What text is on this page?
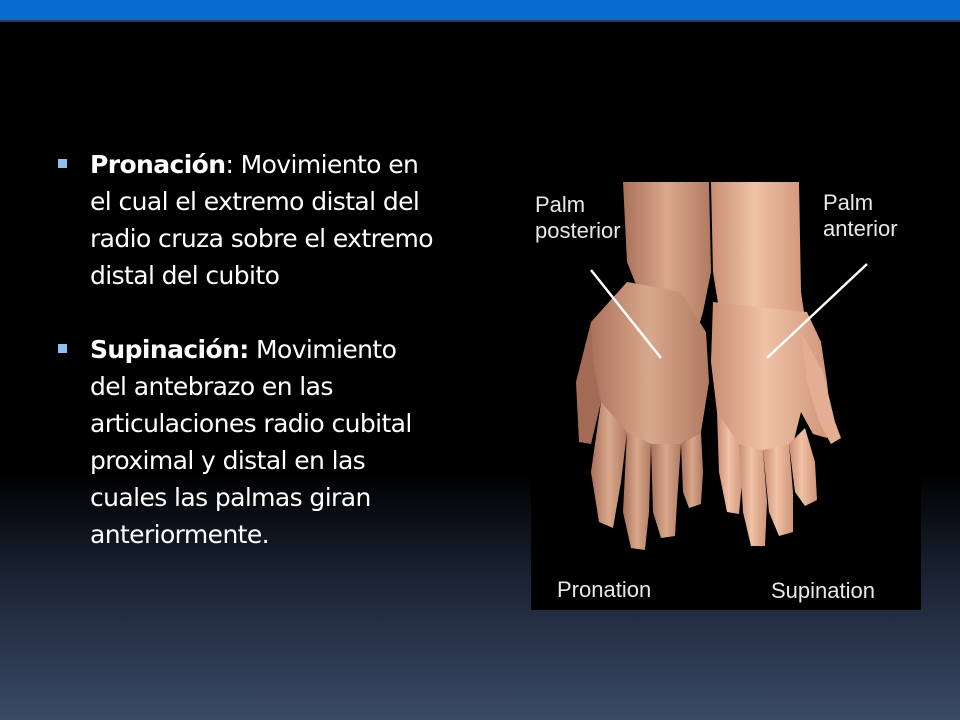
Pronación: Movimiento en el cual el extremo distal del radio cruza sobre el extremo distal del cubito
Supinación: Movimiento del antebrazo en las articulaciones radio cubital proximal y distal en las cuales las palmas giran anteriormente.
Palm
posterior
Palm
anterior
Pronation	Supination
